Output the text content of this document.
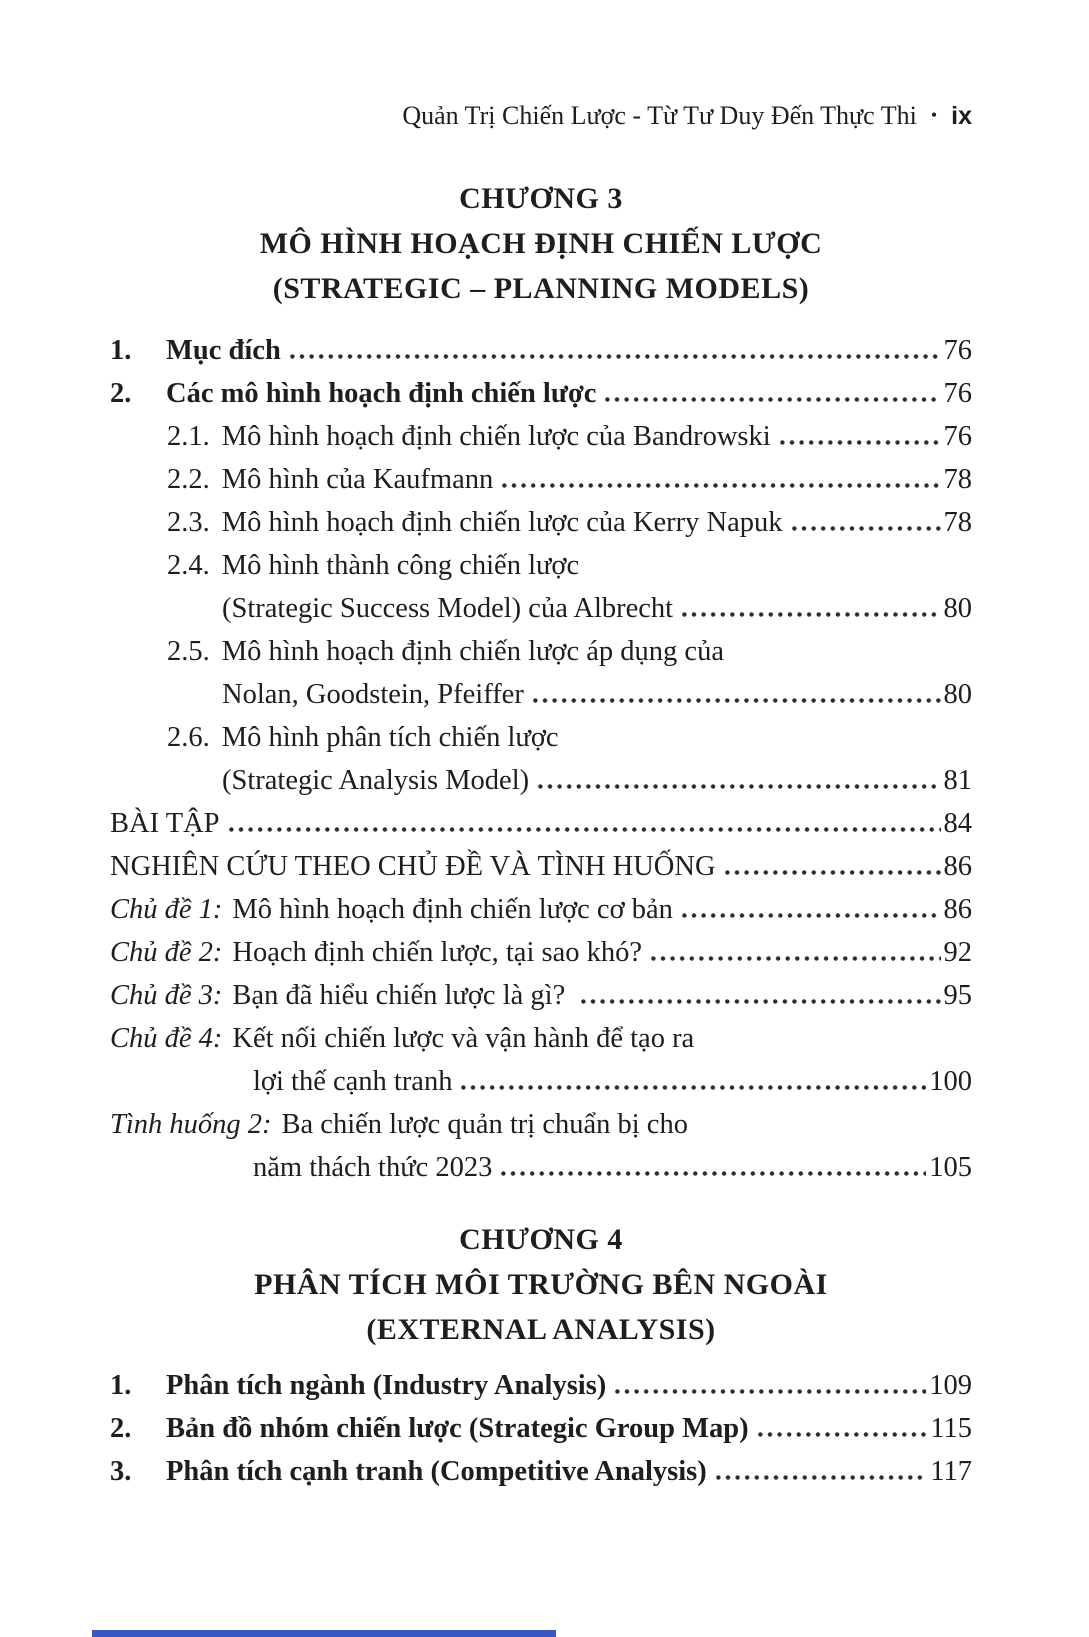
Quản Trị Chiến Lược - Từ Tư Duy Đến Thực Thi • ix
CHƯƠNG 3
MÔ HÌNH HOẠCH ĐỊNH CHIẾN LƯỢC
(STRATEGIC – PLANNING MODELS)
1.	Mục đích	76
2.	Các mô hình hoạch định chiến lược	76
2.1. Mô hình hoạch định chiến lược của Bandrowski	76
2.2. Mô hình của Kaufmann	78
2.3. Mô hình hoạch định chiến lược của Kerry Napuk	78
2.4. Mô hình thành công chiến lược
(Strategic Success Model) của Albrecht	80
2.5. Mô hình hoạch định chiến lược áp dụng của
Nolan, Goodstein, Pfeiffer	80
2.6. Mô hình phân tích chiến lược
(Strategic Analysis Model)	81
BÀI TẬP	84
NGHIÊN CỨU THEO CHỦ ĐỀ VÀ TÌNH HUỐNG	86
Chủ đề 1: Mô hình hoạch định chiến lược cơ bản	86
Chủ đề 2: Hoạch định chiến lược, tại sao khó?	92
Chủ đề 3: Bạn đã hiểu chiến lược là gì?	95
Chủ đề 4: Kết nối chiến lược và vận hành để tạo ra
lợi thế cạnh tranh	100
Tình huống 2: Ba chiến lược quản trị chuẩn bị cho
năm thách thức 2023	105
CHƯƠNG 4
PHÂN TÍCH MÔI TRƯỜNG BÊN NGOÀI
(EXTERNAL ANALYSIS)
1.	Phân tích ngành (Industry Analysis)	109
2.	Bản đồ nhóm chiến lược (Strategic Group Map)	115
3.	Phân tích cạnh tranh (Competitive Analysis)	117
